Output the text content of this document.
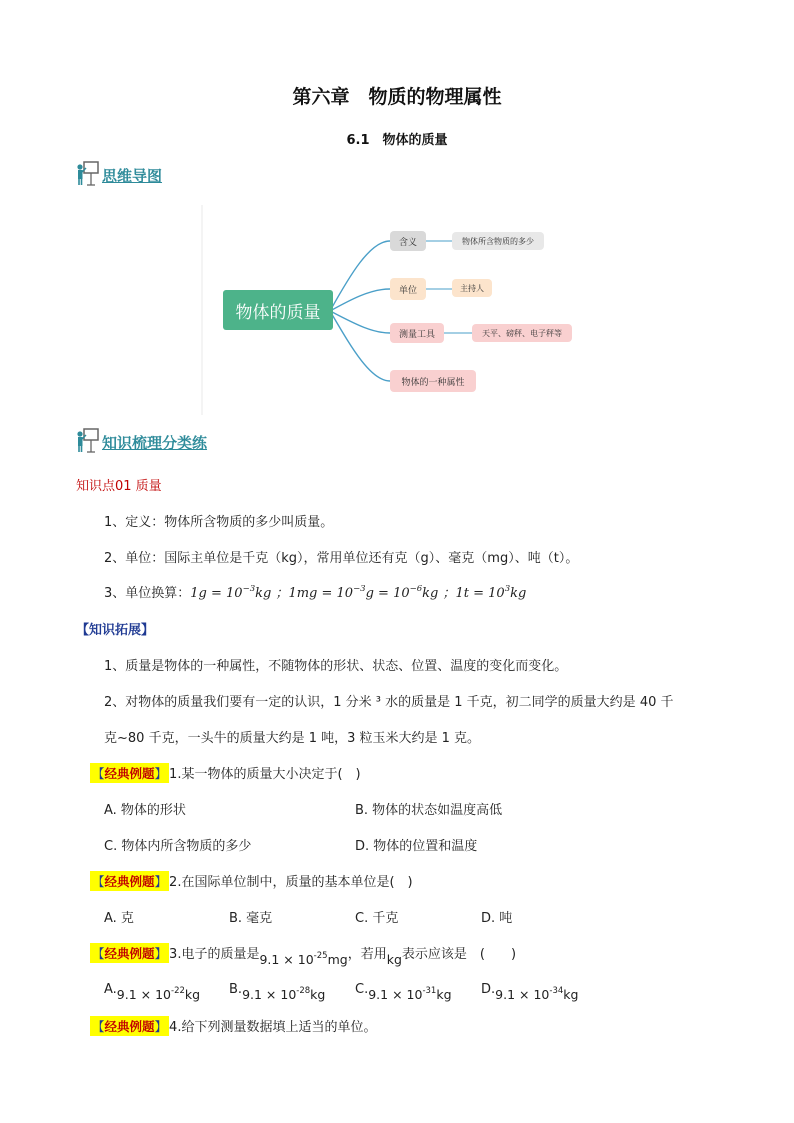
第六章　物质的物理属性
6.1　物体的质量
思维导图
物体的质量
含义	物体所含物质的多少
单位	主持人
测量工具	天平、磅秤、电子秤等
物体的一种属性
知识梳理分类练
知识点01 质量
1、定义：物体所含物质的多少叫质量。
2、单位：国际主单位是千克（kg），常用单位还有克（g）、毫克（mg）、吨（t）。
3、单位换算：$1g = 10^{-3}kg$ ；$1mg = 10^{-3}g = 10^{-6}kg$ ；$1t = 10^3kg$
【知识拓展】
1、质量是物体的一种属性，不随物体的形状、状态、位置、温度的变化而变化。
2、对物体的质量我们要有一定的认识，1 分米 ³ 水的质量是 1 千克，初二同学的质量大约是 40 千
克~80 千克，一头牛的质量大约是 1 吨，3 粒玉米大约是 1 克。
【经典例题】 1.某一物体的质量大小决定于(　)
A. 物体的形状	B. 物体的状态如温度高低
C. 物体内所含物质的多少	D. 物体的位置和温度
【经典例题】 2.在国际单位制中，质量的基本单位是(　)
A. 克	B. 毫克	C. 千克	D. 吨
【经典例题】 3.电子的质量是$9.1 \times 10^{-25}mg$，若用kg表示应该是　(　　)
$A.9.1 \times 10^{-22}kg$ $B.9.1 \times 10^{-28}kg$ $C.9.1 \times 10^{-31}kg$ $D.9.1 \times 10^{-34}kg$
【经典例题】 4.给下列测量数据填上适当的单位。
